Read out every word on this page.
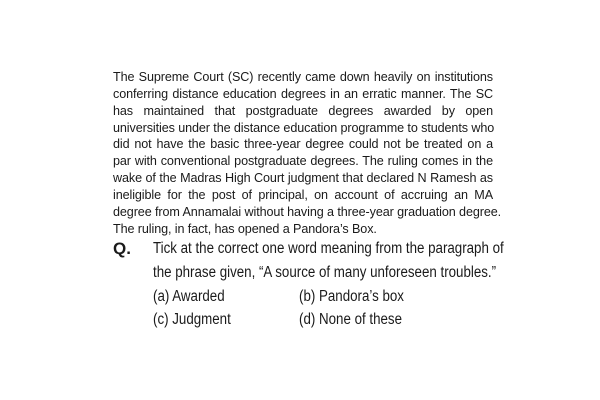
The Supreme Court (SC) recently came down heavily on institutions
conferring distance education degrees in an erratic manner. The SC
has maintained that postgraduate degrees awarded by open
universities under the distance education programme to students who
did not have the basic three-year degree could not be treated on a
par with conventional postgraduate degrees. The ruling comes in the
wake of the Madras High Court judgment that declared N Ramesh as
ineligible for the post of principal, on account of accruing an MA
degree from Annamalai without having a three-year graduation degree.
The ruling, in fact, has opened a Pandora’s Box.
Q. Tick at the correct one word meaning from the paragraph of
the phrase given, “A source of many unforeseen troubles.”
(a) Awarded	(b) Pandora’s box
(c) Judgment	(d) None of these
